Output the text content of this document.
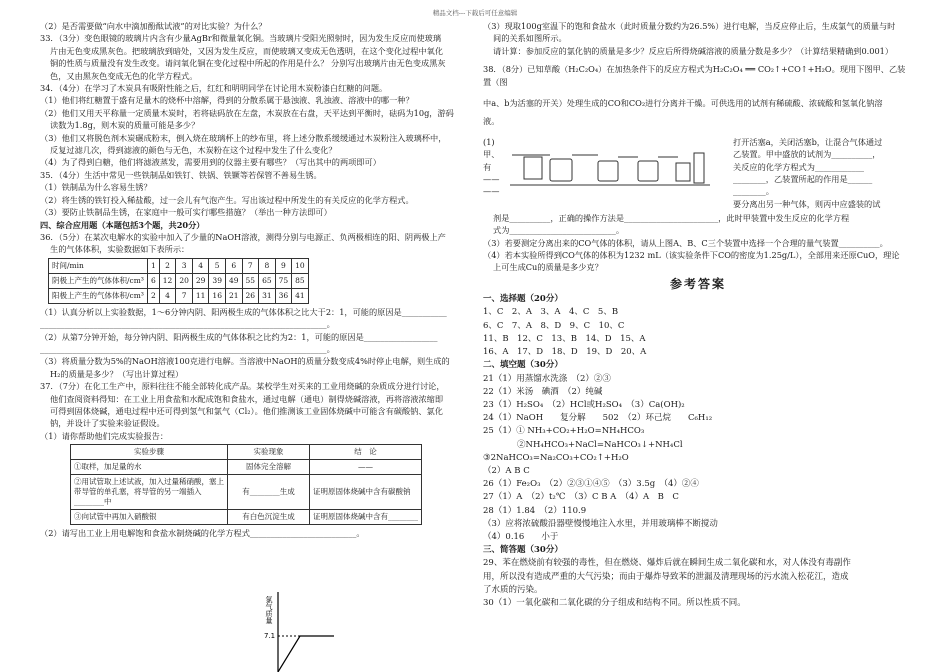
精品文档---下载后可任意编辑

（2）是否需要做“向水中滴加酚酞试液”的对比实验？为什么？

33．（3分）变色眼镜的玻璃片内含有少量AgBr和微量氧化铜。当玻璃片受阳光照射时，因为发生反应而使玻璃

片由无色变成黑灰色。把玻璃放到暗处，又因为发生反应，而使玻璃又变成无色透明，在这个变化过程中氧化

铜的性质与质量没有发生改变。请问氧化铜在变化过程中所起的作用是什么？ 分别写出玻璃片由无色变成黑灰

色，又由黑灰色变成无色的化学方程式。

34．（4分）在学习了木炭具有吸附性能之后，红红和明明同学在讨论用木炭粉漆白红糖的问题。

（1）他们将红糖置于盛有足量木的烧杯中溶解，得到的分散系属于悬浊液、乳浊液、溶液中的哪一种？

（2）他们又用天平称量一定质量木炭时，若将砝码放在左盘，木炭放在右盘，天平达到平衡时，砝码为10g，游码

读数为1.8g，则木炭的质量可能是多少？

（3）他们又将脱色剂木炭碾成粉末，倒入烧在玻璃杯上的纱布里，将上述分散系缓缓通过木炭粉注入玻璃杯中，

反复过滤几次，得到滤液的颜色与无色，木炭粉在这个过程中发生了什么变化？

（4）为了得到白糖，他们将滤液蒸发，需要用到的仪器主要有哪些？（写出其中的两项即可）

35．（4分）生活中常见一些铁制品如铁钉、铁锅、铁镢等若保管不善易生锈。

（1）铁制品为什么容易生锈？

（2）将生锈的铁钉投入稀盐酸，过一会儿有气泡产生。写出该过程中所发生的有关反应的化学方程式。

（3）要防止铁制品生锈，在家庭中一般可实行哪些措施？（举出一种方法即可）

四、综合应用题（本题包括3个题，共20分）

36．（5分）在某次电解水的实验中加入了少量的NaOH溶液，测得分别与电源正、负两极相连的阳、阴两极上产

生的气体体积，实验数据如下表所示：

时间/min	1	2	3	4	5	6	7	8	9	10
阴极上产生的气体体积/cm³	6	12	20	29	39	49	55	65	75	85
阳极上产生的气体体积/cm³	2	4	7	11	16	21	26	31	36	41

（1）认真分析以上实验数据，1～6分钟内阴、阳两极生成的气体体积之比大于2：1，可能的原因是___________

______________________________________________________________________。

（2）从第7分钟开始，每分钟内阴、阳两极生成的气体体积之比约为2：1，可能的原因是__________________

______________________________________________________________________。

（3）将质量分数为5%的NaOH溶液100克进行电解。当溶液中NaOH的质量分数变成4%时停止电解，则生成的

H₂的质量是多少？（写出计算过程）

37．（7分）在化工生产中，原料往往不能全部转化成产品。某校学生对买来的工业用烧碱的杂质成分进行讨论，

他们查阅资料得知：在工业上用食盐和水配成饱和食盐水，通过电解（通电）制得烧碱溶液，再将溶液浓缩即

可得到固体烧碱，通电过程中还可得到氢气和氯气（Cl₂）。他们推测该工业固体烧碱中可能含有碳酸钠、氯化

钠，并设计了实验来验证假设。

（1）请你帮助他们完成实验报告：

实验步骤	实验现象	结　论
①取样，加足量的水	固体完全溶解	——
②用试管取上述试液，加入过量稀硝酸，塞上带导管的单孔塞，将导管的另一端插入________中	有________生成	证明原固体烧碱中含有碳酸钠
③向试管中再加入硝酸银	有白色沉淀生成	证明原固体烧碱中含有________

（2）请写出工业上用电解饱和食盐水制烧碱的化学方程式__________________________。

氯气质量
7.1

（3）现取100g室温下的饱和食盐水（此时质量分数约为26.5%）进行电解，当反应停止后，生成氯气的质量与时

间的关系如图所示。

请计算：参加反应的氯化钠的质量是多少？反应后所得烧碱溶液的质量分数是多少？（计算结果精确到0.001）

38．（8分）已知草酸（H₂C₂O₄）在加热条件下的反应方程式为H₂C₂O₄ ══ CO₂↑+CO↑+H₂O。现用下图甲、乙装置（图

中a、b为活塞的开关）处理生成的CO和CO₂进行分离并干燥。可供选用的试剂有稀硫酸、浓硫酸和氢氧化钠溶

液。

(1)

甲、

有

——

——

打开活塞a，关闭活塞b，让混合气体通过

乙装置。甲中盛放的试剂为__________，

关反应的化学方程式为____________

________，乙装置所起的作用是______

________。

要分离出另一种气体，则丙中应盛装的试

剂是__________，正确的操作方法是_______________________，此时甲装置中发生反应的化学方程

式为__________________________。

（3）若要测定分离出来的CO气体的体积，请从上图A、B、C三个装置中选择一个合理的量气装置__________。

（4）若本实验所得到CO气体的体积为1232 mL（该实验条件下CO的密度为1.25g/L），全部用来还原CuO，理论

上可生成Cu的质量是多少克？

参考答案

一、选择题（20分）

1、C　2、A　3、A　4、C　5、B

6、C　7、A　8、D　9、C　10、C

11、B　12、C　13、B　14、D　15、A

16、A　17、D　18、D　19、D　20、A

二、填空题（30分）

21（1）用蒸馏水洗涤　（2）②③

22（1）米汤　碘酒　（2）纯碱

23（1）H₂SO₄　（2）HCl或H₂SO₄　（3）Ca(OH)₂

24（1）NaOH　　复分解　　502　（2）环己烷　　C₆H₁₂

25（1）① NH₃+CO₂+H₂O=NH₄HCO₃

　　　　②NH₄HCO₃+NaCl=NaHCO₃↓+NH₄Cl

③2NaHCO₃=Na₂CO₃+CO₂↑+H₂O

（2）A B C

26（1）Fe₂O₃　（2）②③①④⑤　（3）3.5g　（4）②④

27（1）A　（2）t₂℃　（3）C B A　（4）A　B　C

28（1）1.84　（2）110.9

（3）应将浓硫酸沿器壁慢慢地注入水里，并用玻璃棒不断搅动

（4）0.16　　小于

三、简答题（30分）

29、苯在燃烧前有较强的毒性，但在燃烧、爆炸后就在瞬间生成二氧化碳和水，对人体没有毒副作

用，所以没有造成严重的大气污染；而由于爆炸导致苯的泄漏及清理现场的污水流入松花江，造成

了水质的污染。

30（1）一氧化碳和二氧化碳的分子组成和结构不同。所以性质不同。
